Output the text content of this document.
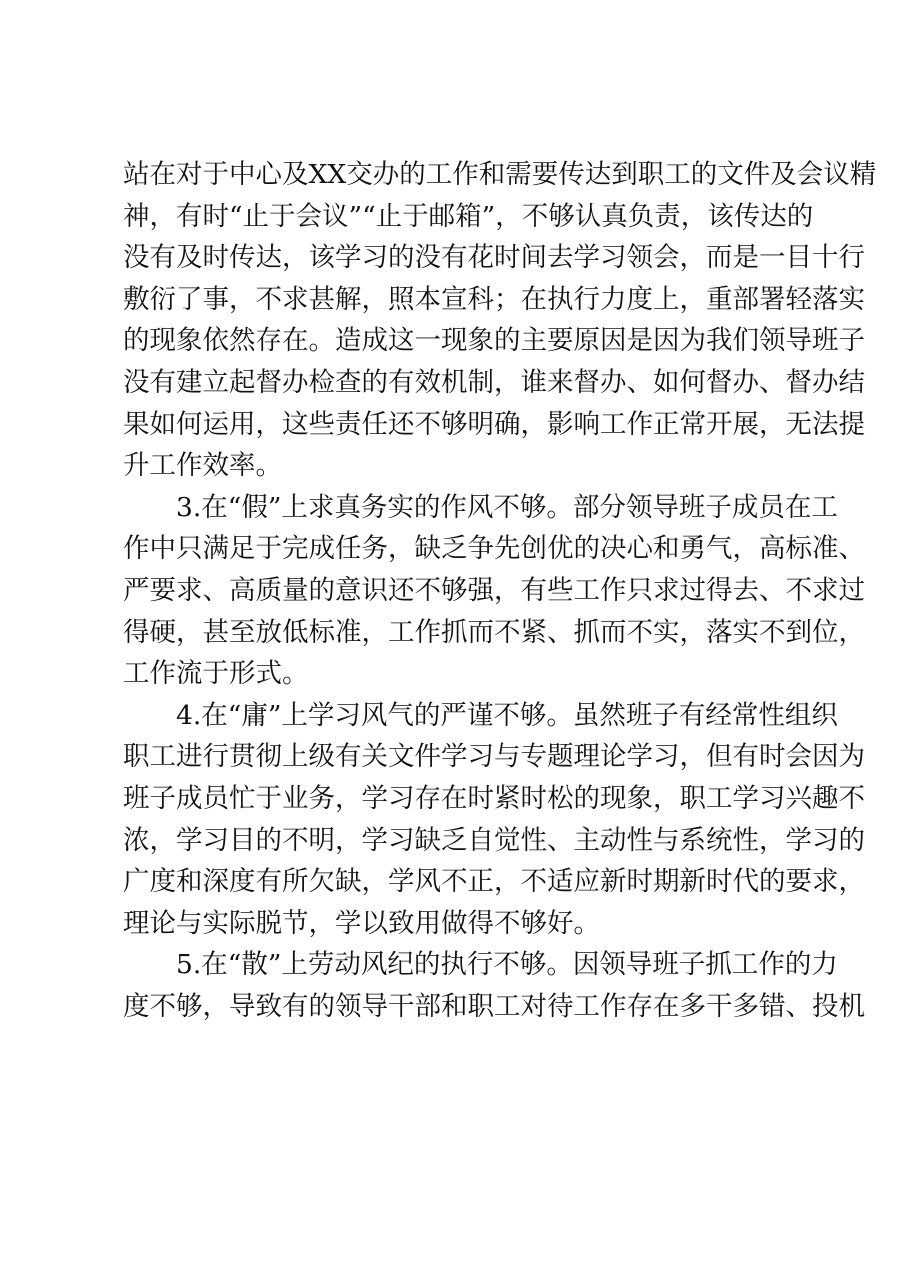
站在对于中心及XX交办的工作和需要传达到职工的文件及会议精
神，有时“止于会议”“止于邮箱”，不够认真负责，该传达的
没有及时传达，该学习的没有花时间去学习领会，而是一目十行
敷衍了事，不求甚解，照本宣科；在执行力度上，重部署轻落实
的现象依然存在。造成这一现象的主要原因是因为我们领导班子
没有建立起督办检查的有效机制，谁来督办、如何督办、督办结
果如何运用，这些责任还不够明确，影响工作正常开展，无法提
升工作效率。
3.在“假”上求真务实的作风不够。部分领导班子成员在工
作中只满足于完成任务，缺乏争先创优的决心和勇气，高标准、
严要求、高质量的意识还不够强，有些工作只求过得去、不求过
得硬，甚至放低标准，工作抓而不紧、抓而不实，落实不到位，
工作流于形式。
4.在“庸”上学习风气的严谨不够。虽然班子有经常性组织
职工进行贯彻上级有关文件学习与专题理论学习，但有时会因为
班子成员忙于业务，学习存在时紧时松的现象，职工学习兴趣不
浓，学习目的不明，学习缺乏自觉性、主动性与系统性，学习的
广度和深度有所欠缺，学风不正，不适应新时期新时代的要求，
理论与实际脱节，学以致用做得不够好。
5.在“散”上劳动风纪的执行不够。因领导班子抓工作的力
度不够，导致有的领导干部和职工对待工作存在多干多错、投机
